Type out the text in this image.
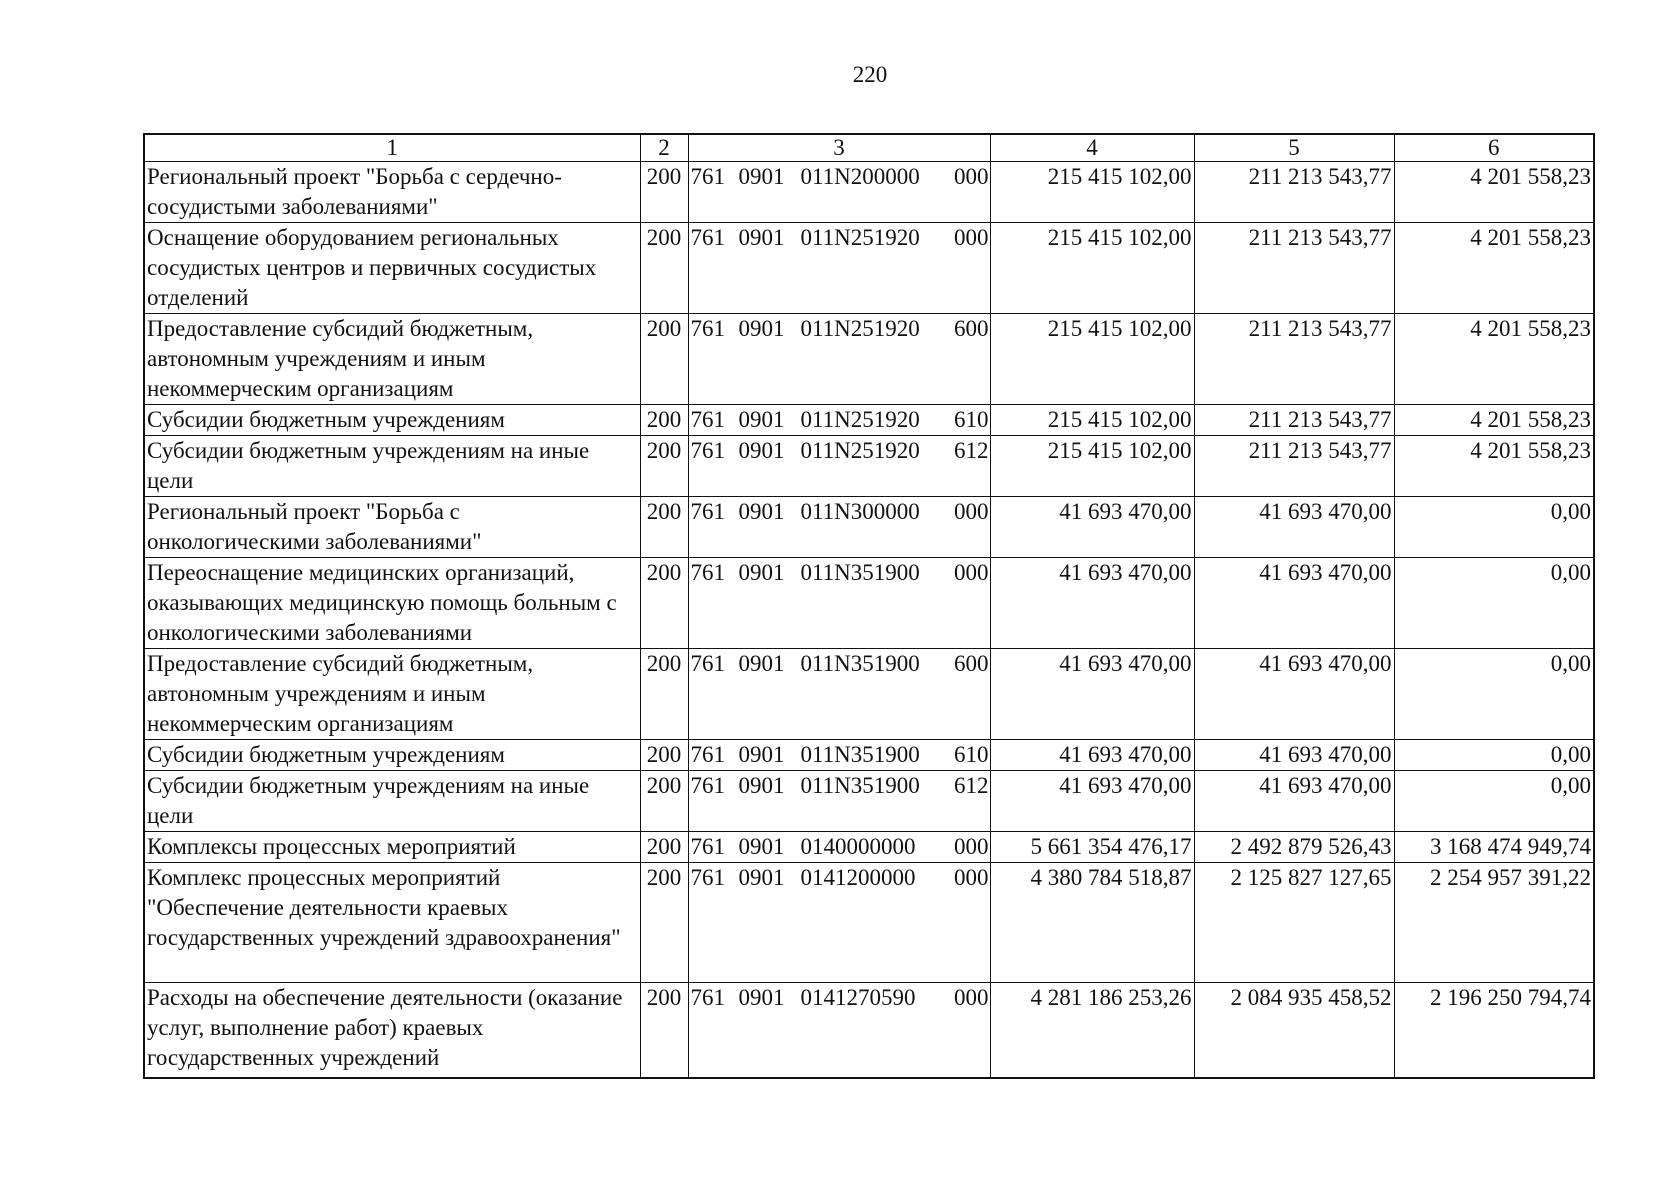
220
1	2	3	4	5	6
Региональный проект "Борьба с сердечно-сосудистыми заболеваниями"	200	761 0901 011N200000 000	215 415 102,00	211 213 543,77	4 201 558,23
Оснащение оборудованием региональных сосудистых центров и первичных сосудистых отделений	200	761 0901 011N251920 000	215 415 102,00	211 213 543,77	4 201 558,23
Предоставление субсидий бюджетным, автономным учреждениям и иным некоммерческим организациям	200	761 0901 011N251920 600	215 415 102,00	211 213 543,77	4 201 558,23
Субсидии бюджетным учреждениям	200	761 0901 011N251920 610	215 415 102,00	211 213 543,77	4 201 558,23
Субсидии бюджетным учреждениям на иные цели	200	761 0901 011N251920 612	215 415 102,00	211 213 543,77	4 201 558,23
Региональный проект "Борьба с онкологическими заболеваниями"	200	761 0901 011N300000 000	41 693 470,00	41 693 470,00	0,00
Переоснащение медицинских организаций, оказывающих медицинскую помощь больным с онкологическими заболеваниями	200	761 0901 011N351900 000	41 693 470,00	41 693 470,00	0,00
Предоставление субсидий бюджетным, автономным учреждениям и иным некоммерческим организациям	200	761 0901 011N351900 600	41 693 470,00	41 693 470,00	0,00
Субсидии бюджетным учреждениям	200	761 0901 011N351900 610	41 693 470,00	41 693 470,00	0,00
Субсидии бюджетным учреждениям на иные цели	200	761 0901 011N351900 612	41 693 470,00	41 693 470,00	0,00
Комплексы процессных мероприятий	200	761 0901 0140000000 000	5 661 354 476,17	2 492 879 526,43	3 168 474 949,74
Комплекс процессных мероприятий "Обеспечение деятельности краевых государственных учреждений здравоохранения"	200	761 0901 0141200000 000	4 380 784 518,87	2 125 827 127,65	2 254 957 391,22
Расходы на обеспечение деятельности (оказание услуг, выполнение работ) краевых государственных учреждений	200	761 0901 0141270590 000	4 281 186 253,26	2 084 935 458,52	2 196 250 794,74
